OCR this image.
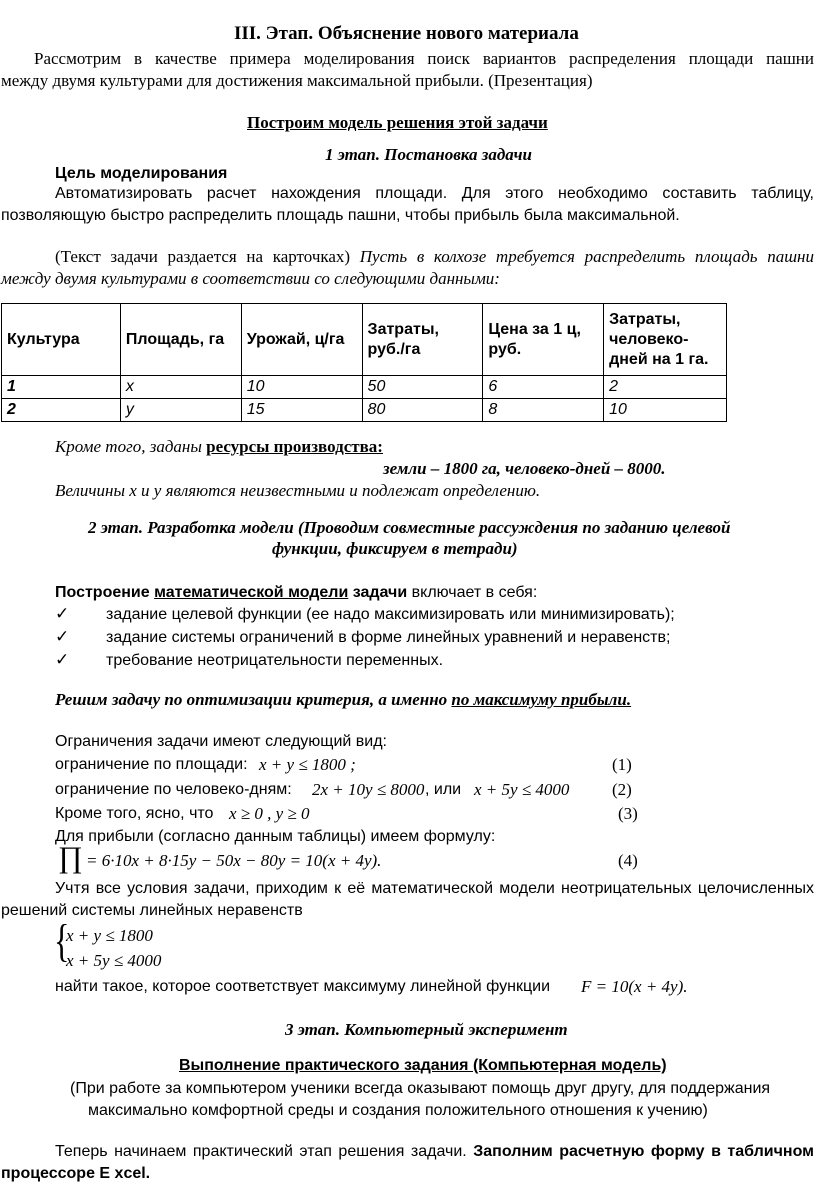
III. Этап. Объяснение нового материала
Рассмотрим в качестве примера моделирования поиск вариантов распределения площади пашни
между двумя культурами для достижения максимальной прибыли. (Презентация)
Построим модель решения этой задачи
1 этап. Постановка задачи
Цель моделирования
Автоматизировать расчет нахождения площади. Для этого необходимо составить таблицу,
позволяющую быстро распределить площадь пашни, чтобы прибыль была максимальной.
(Текст задачи раздается на карточках) Пусть в колхозе требуется распределить площадь пашни
между двумя культурами в соответствии со следующими данными:
Культура	Площадь, га	Урожай, ц/га	Затраты, руб./га	Цена за 1 ц, руб.	Затраты, человеко-дней на 1 га.
1	x	10	50	6	2
2	y	15	80	8	10
Кроме того, заданы ресурсы производства:
земли – 1800 га, человеко-дней – 8000.
Величины x и y являются неизвестными и подлежат определению.
2 этап. Разработка модели (Проводим совместные рассуждения по заданию целевой
функции, фиксируем в тетради)
Построение математической модели задачи включает в себя:
✓ задание целевой функции (ее надо максимизировать или минимизировать);
✓ задание системы ограничений в форме линейных уравнений и неравенств;
✓ требование неотрицательности переменных.
Решим задачу по оптимизации критерия, а именно по максимуму прибыли.
Ограничения задачи имеют следующий вид:
ограничение по площади: x + y ≤ 1800 ;	(1)
ограничение по человеко-дням: 2x + 10y ≤ 8000 , или x + 5y ≤ 4000	(2)
Кроме того, ясно, что x ≥ 0 , y ≥ 0	(3)
Для прибыли (согласно данным таблицы) имеем формулу:
∏ = 6·10x + 8·15y − 50x − 80y = 10(x + 4y).	(4)
Учтя все условия задачи, приходим к её математической модели неотрицательных целочисленных
решений системы линейных неравенств
{
x + y ≤ 1800
x + 5y ≤ 4000
найти такое, которое соответствует максимуму линейной функции F = 10(x + 4y).
3 этап. Компьютерный эксперимент
Выполнение практического задания (Компьютерная модель)
(При работе за компьютером ученики всегда оказывают помощь друг другу, для поддержания
максимально комфортной среды и создания положительного отношения к учению)
Теперь начинаем практический этап решения задачи. Заполним расчетную форму в табличном
процессоре E xcel.
